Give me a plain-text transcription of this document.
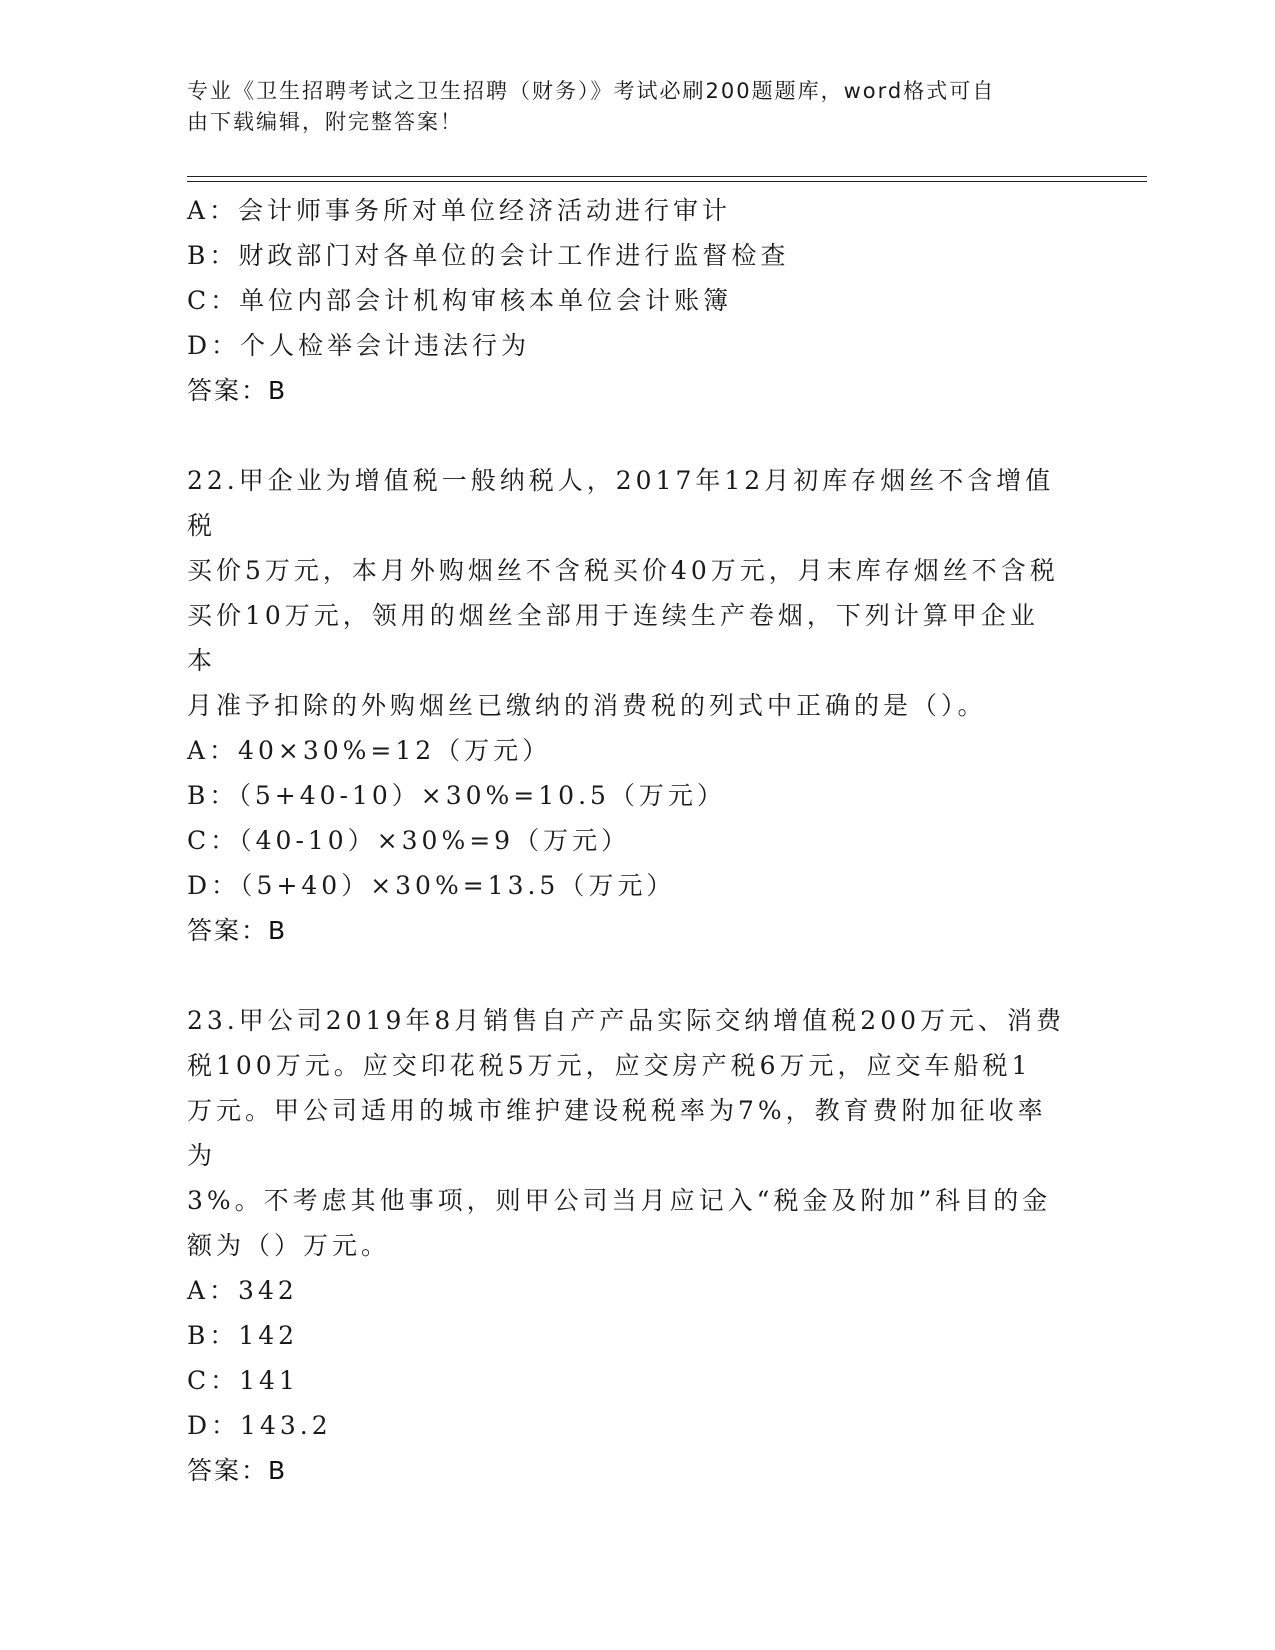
专业《卫生招聘考试之卫生招聘（财务）》考试必刷200题题库，word格式可自
由下载编辑，附完整答案！
A：会计师事务所对单位经济活动进行审计
B：财政部门对各单位的会计工作进行监督检查
C：单位内部会计机构审核本单位会计账簿
D：个人检举会计违法行为
答案：B
22.甲企业为增值税一般纳税人，2017年12月初库存烟丝不含增值税
买价5万元，本月外购烟丝不含税买价40万元，月末库存烟丝不含税
买价10万元，领用的烟丝全部用于连续生产卷烟，下列计算甲企业本
月准予扣除的外购烟丝已缴纳的消费税的列式中正确的是（）。
A：40×30%=12（万元）
B：（5+40-10）×30%=10.5（万元）
C：（40-10）×30%=9（万元）
D：（5+40）×30%=13.5（万元）
答案：B
23.甲公司2019年8月销售自产产品实际交纳增值税200万元、消费
税100万元。应交印花税5万元，应交房产税6万元，应交车船税1
万元。甲公司适用的城市维护建设税税率为7%，教育费附加征收率为
3%。不考虑其他事项，则甲公司当月应记入“税金及附加”科目的金
额为（）万元。
A：342
B：142
C：141
D：143.2
答案：B
